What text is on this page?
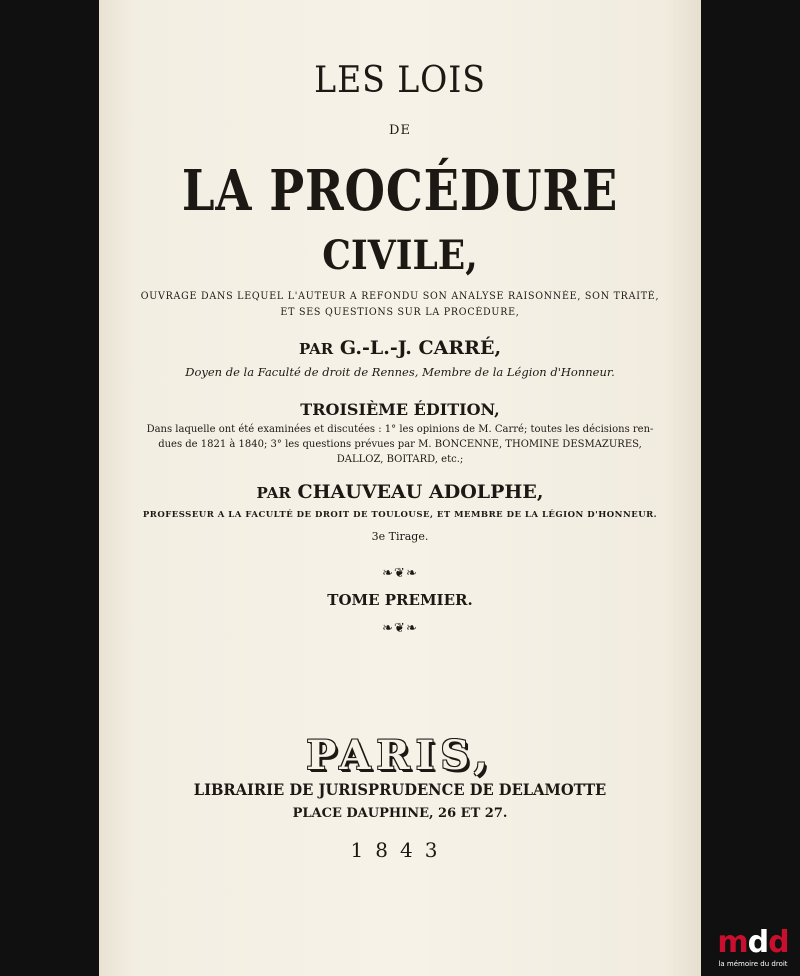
LES LOIS

DE

LA PROCÉDURE

CIVILE,

OUVRAGE DANS LEQUEL L'AUTEUR A REFONDU SON ANALYSE RAISONNÉE, SON TRAITÉ,

ET SES QUESTIONS SUR LA PROCÉDURE,

PAR G.-L.-J. CARRÉ,

Doyen de la Faculté de droit de Rennes, Membre de la Légion d'Honneur.

TROISIÈME ÉDITION,

Dans laquelle ont été examinées et discutées : 1° les opinions de M. Carré; toutes les décisions ren-

dues de 1821 à 1840; 3° les questions prévues par M. BONCENNE, THOMINE DESMAZURES,

DALLOZ, BOITARD, etc.;

PAR CHAUVEAU ADOLPHE,

PROFESSEUR A LA FACULTÉ DE DROIT DE TOULOUSE, ET MEMBRE DE LA LÉGION D'HONNEUR.

3e Tirage.

❧❦❧

TOME PREMIER.

❧❦❧

PARIS,

LIBRAIRIE DE JURISPRUDENCE DE DELAMOTTE

PLACE DAUPHINE, 26 ET 27.

1843

mdd
la mémoire du droit
